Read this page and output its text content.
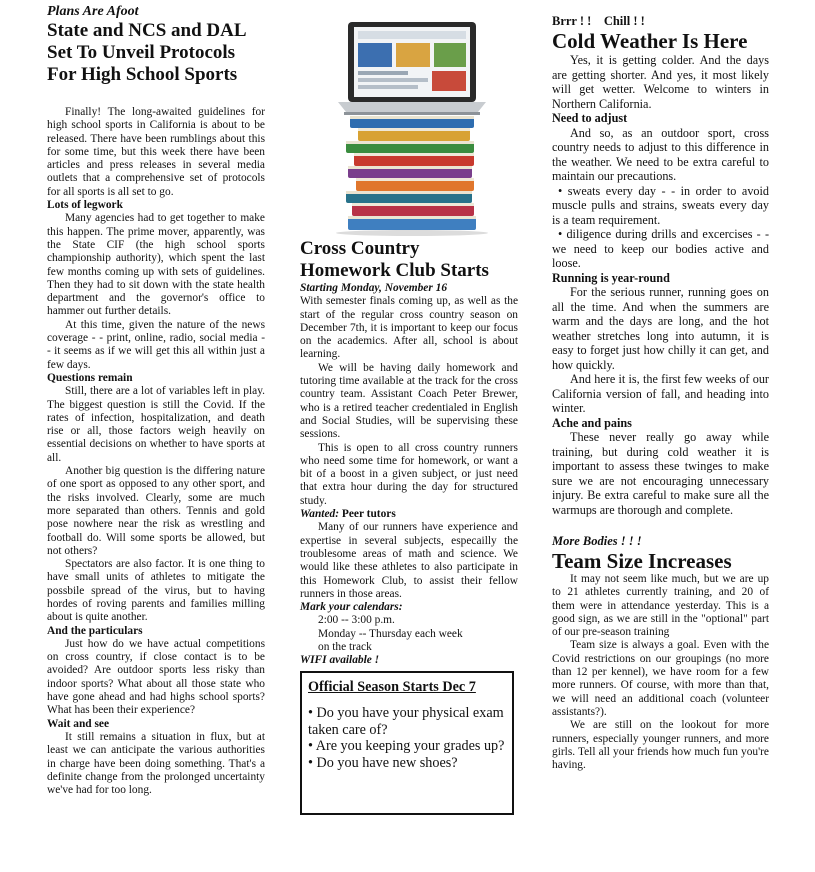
Plans Are Afoot
State and NCS and DAL
Set To Unveil Protocols
For High School Sports

Finally! The long-awaited guidelines for high school sports in California is about to be released. There have been rumblings about this for some time, but this week there have been articles and press releases in several media outlets that a comprehensive set of protocols for all sports is all set to go.

Lots of legwork

Many agencies had to get together to make this happen. The prime mover, apparently, was the State CIF (the high school sports championship authority), which spent the last few months coming up with sets of guidelines. Then they had to sit down with the state health department and the governor's office to hammer out further details.

At this time, given the nature of the news coverage - - print, online, radio, social media - - it seems as if we will get this all within just a few days.

Questions remain

Still, there are a lot of variables left in play. The biggest question is still the Covid. If the rates of infection, hospitalization, and death rise or all, those factors weigh heavily on essential decisions on whether to have sports at all.

Another big question is the differing nature of one sport as opposed to any other sport, and the risks involved. Clearly, some are much more separated than others. Tennis and gold pose nowhere near the risk as wrestling and football do. Will some sports be allowed, but not others?

Spectators are also factor. It is one thing to have small units of athletes to mitigate the possbile spread of the virus, but to having hordes of roving parents and families milling about is quite another.

And the particulars

Just how do we have actual competitions on cross country, if close contact is to be avoided? Are outdoor sports less risky than indoor sports? What about all those state who have gone ahead and had highs school sports? What has been their experience?

Wait and see

It still remains a situation in flux, but at least we can anticipate the various authorities in charge have been doing something. That's a definite change from the prolonged uncertainty we've had for too long.

Cross Country
Homework Club Starts

Starting Monday, November 16

With semester finals coming up, as well as the start of the regular cross country season on December 7th, it is important to keep our focus on the academics. After all, school is about learning.

We will be having daily homework and tutoring time available at the track for the cross country team. Assistant Coach Peter Brewer, who is a retired teacher credentialed in English and Social Studies, will be supervising these sessions.

This is open to all cross country runners who need some time for homework, or want a bit of a boost in a given subject, or just need that extra hour during the day for structured study.

Wanted: Peer tutors

Many of our runners have experience and expertise in several subjects, especailly the troublesome areas of math and science. We would like these athletes to also participate in this Homework Club, to assist their fellow runners in those areas.

Mark your calendars:

2:00 -- 3:00 p.m.

Monday -- Thursday each week

on the track

WIFI available !

Official Season Starts Dec 7
• Do you have your physical exam taken care of?
• Are you keeping your grades up?
• Do you have new shoes?
Brrr ! !    Chill ! !
Cold Weather Is Here

Yes, it is getting colder. And the days are getting shorter. And yes, it most likely will get wetter. Welcome to winters in Northern California.

Need to adjust

And so, as an outdoor sport, cross country needs to adjust to this difference in the weather. We need to be extra careful to maintain our precautions.

• sweats every day - - in order to avoid muscle pulls and strains, sweats every day is a team requirement.

• diligence during drills and excercises - - we need to keep our bodies active and loose.

Running is year-round

For the serious runner, running goes on all the time. And when the summers are warm and the days are long, and the hot weather stretches long into autumn, it is easy to forget just how chilly it can get, and how quickly.

And here it is, the first few weeks of our California version of fall, and heading into winter.

Ache and pains

These never really go away while training, but during cold weather it is important to assess these twinges to make sure we are not encouraging unnecessary injury. Be extra careful to make sure all the warmups are thorough and complete.

More Bodies ! ! !
Team Size Increases

It may not seem like much, but we are up to 21 athletes currently training, and 20 of them were in attendance yesterday. This is a good sign, as we are still in the "optional" part of our pre-season training

Team size is always a goal. Even with the Covid restrictions on our groupings (no more than 12 per kennel), we have room for a few more runners. Of course, with more than that, we will need an additional coach (volunteer assistants?).

We are still on the lookout for more runners, especially younger runners, and more girls. Tell all your friends how much fun you're having.
